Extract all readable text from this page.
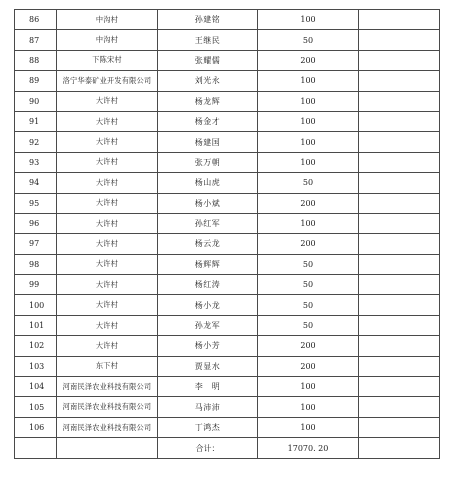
86	中沟村	孙建铭	100	
87	中沟村	王继民	50	
88	下陈宋村	张耀儒	200	
89	洛宁华泰矿业开发有限公司	刘光永	100	
90	大许村	杨龙辉	100	
91	大许村	杨金才	100	
92	大许村	杨建国	100	
93	大许村	张万朝	100	
94	大许村	杨山虎	50	
95	大许村	杨小斌	200	
96	大许村	孙红军	100	
97	大许村	杨云龙	200	
98	大许村	杨辉辉	50	
99	大许村	杨红涛	50	
100	大许村	杨小龙	50	
101	大许村	孙龙军	50	
102	大许村	杨小芳	200	
103	东下村	贾显水	200	
104	河南民泽农业科技有限公司	李　明	100	
105	河南民泽农业科技有限公司	马沛沛	100	
106	河南民泽农业科技有限公司	丁鸿杰	100	
		合计：	17070. 20	
